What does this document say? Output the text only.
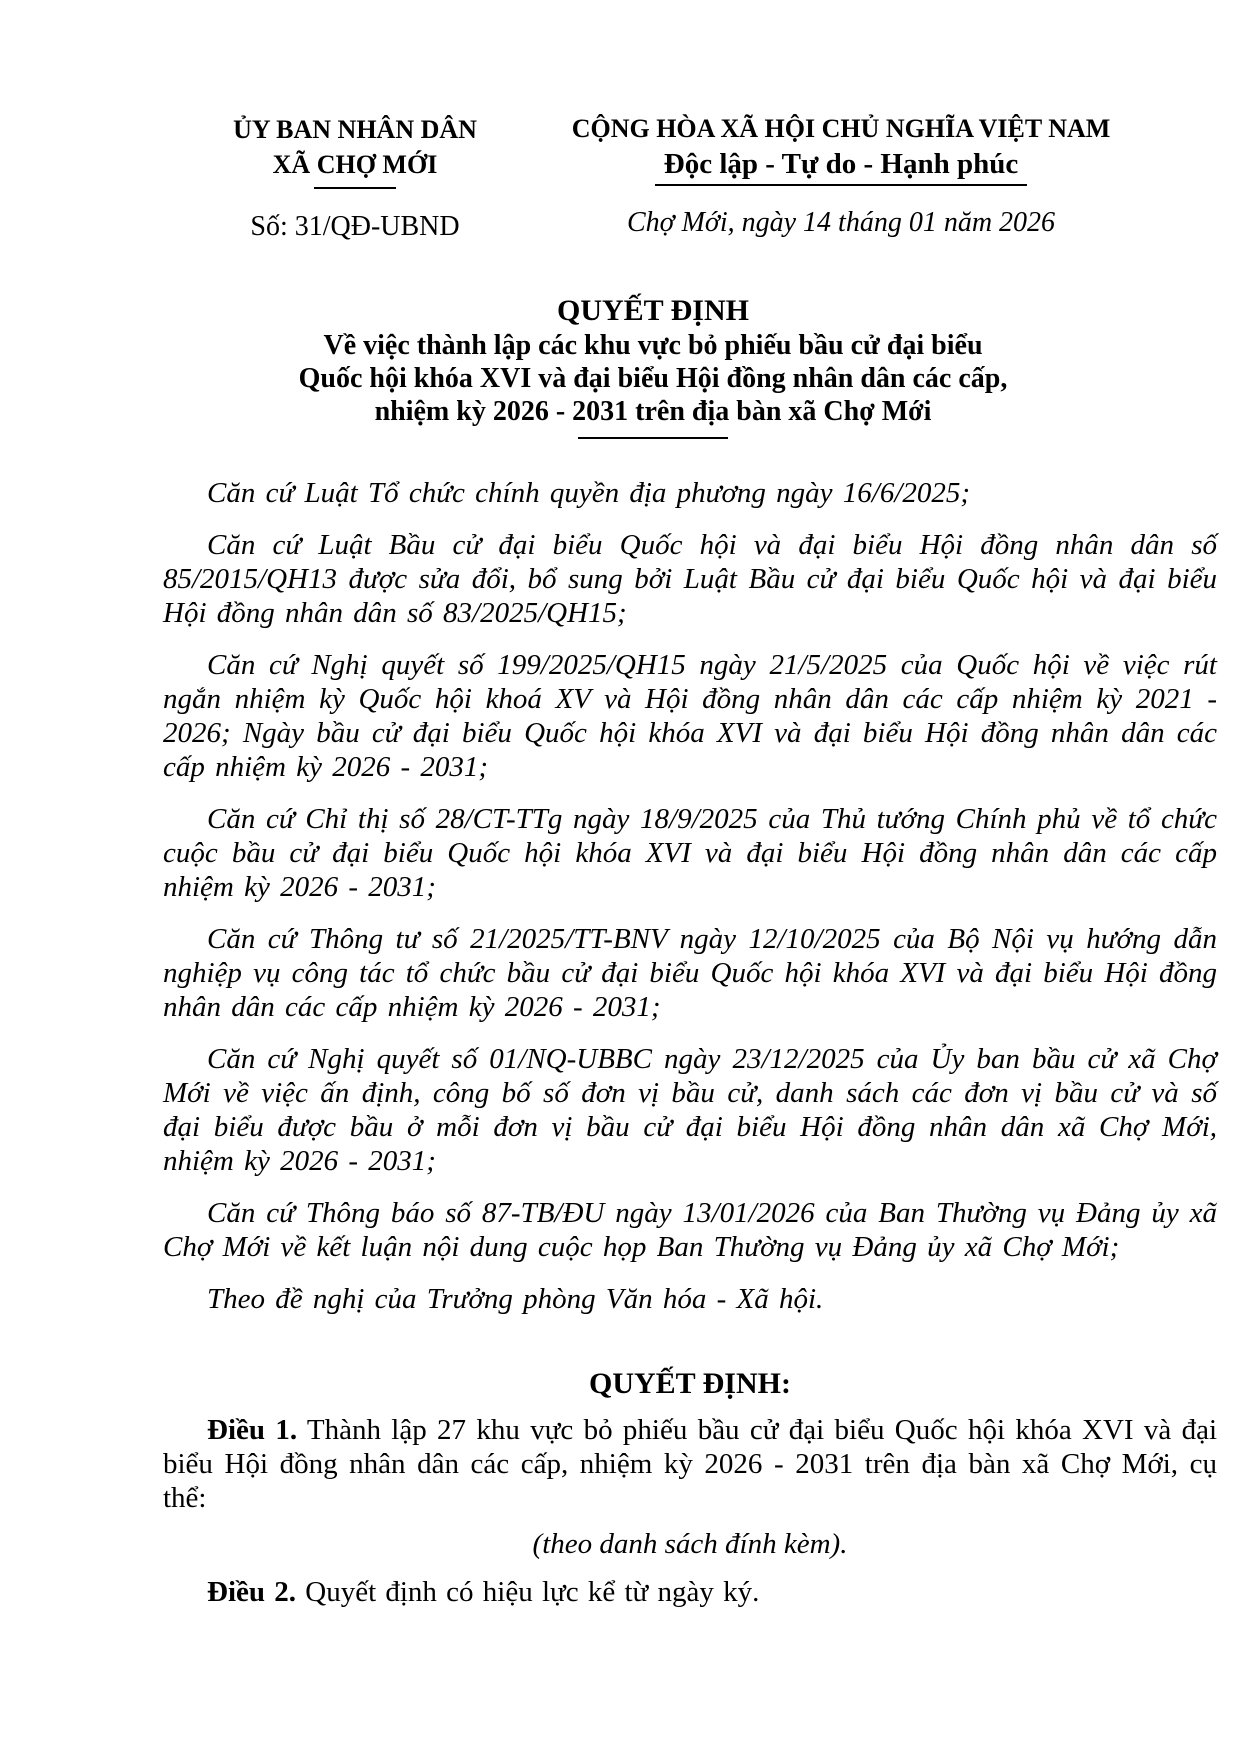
ỦY BAN NHÂN DÂN
XÃ CHỢ MỚI
Số: 31/QĐ-UBND
CỘNG HÒA XÃ HỘI CHỦ NGHĨA VIỆT NAM
Độc lập - Tự do - Hạnh phúc
Chợ Mới, ngày 14 tháng 01 năm 2026
QUYẾT ĐỊNH
Về việc thành lập các khu vực bỏ phiếu bầu cử đại biểu
Quốc hội khóa XVI và đại biểu Hội đồng nhân dân các cấp,
nhiệm kỳ 2026 - 2031 trên địa bàn xã Chợ Mới

Căn cứ Luật Tổ chức chính quyền địa phương ngày 16/6/2025;

Căn cứ Luật Bầu cử đại biểu Quốc hội và đại biểu Hội đồng nhân dân số 85/2015/QH13 được sửa đổi, bổ sung bởi Luật Bầu cử đại biểu Quốc hội và đại biểu Hội đồng nhân dân số 83/2025/QH15;

Căn cứ Nghị quyết số 199/2025/QH15 ngày 21/5/2025 của Quốc hội về việc rút ngắn nhiệm kỳ Quốc hội khoá XV và Hội đồng nhân dân các cấp nhiệm kỳ 2021 - 2026; Ngày bầu cử đại biểu Quốc hội khóa XVI và đại biểu Hội đồng nhân dân các cấp nhiệm kỳ 2026 - 2031;

Căn cứ Chỉ thị số 28/CT-TTg ngày 18/9/2025 của Thủ tướng Chính phủ về tổ chức cuộc bầu cử đại biểu Quốc hội khóa XVI và đại biểu Hội đồng nhân dân các cấp nhiệm kỳ 2026 - 2031;

Căn cứ Thông tư số 21/2025/TT-BNV ngày 12/10/2025 của Bộ Nội vụ hướng dẫn nghiệp vụ công tác tổ chức bầu cử đại biểu Quốc hội khóa XVI và đại biểu Hội đồng nhân dân các cấp nhiệm kỳ 2026 - 2031;

Căn cứ Nghị quyết số 01/NQ-UBBC ngày 23/12/2025 của Ủy ban bầu cử xã Chợ Mới về việc ấn định, công bố số đơn vị bầu cử, danh sách các đơn vị bầu cử và số đại biểu được bầu ở mỗi đơn vị bầu cử đại biểu Hội đồng nhân dân xã Chợ Mới, nhiệm kỳ 2026 - 2031;

Căn cứ Thông báo số 87-TB/ĐU ngày 13/01/2026 của Ban Thường vụ Đảng ủy xã Chợ Mới về kết luận nội dung cuộc họp Ban Thường vụ Đảng ủy xã Chợ Mới;

Theo đề nghị của Trưởng phòng Văn hóa - Xã hội.

QUYẾT ĐỊNH:

Điều 1. Thành lập 27 khu vực bỏ phiếu bầu cử đại biểu Quốc hội khóa XVI và đại biểu Hội đồng nhân dân các cấp, nhiệm kỳ 2026 - 2031 trên địa bàn xã Chợ Mới, cụ thể:

(theo danh sách đính kèm).

Điều 2. Quyết định có hiệu lực kể từ ngày ký.
